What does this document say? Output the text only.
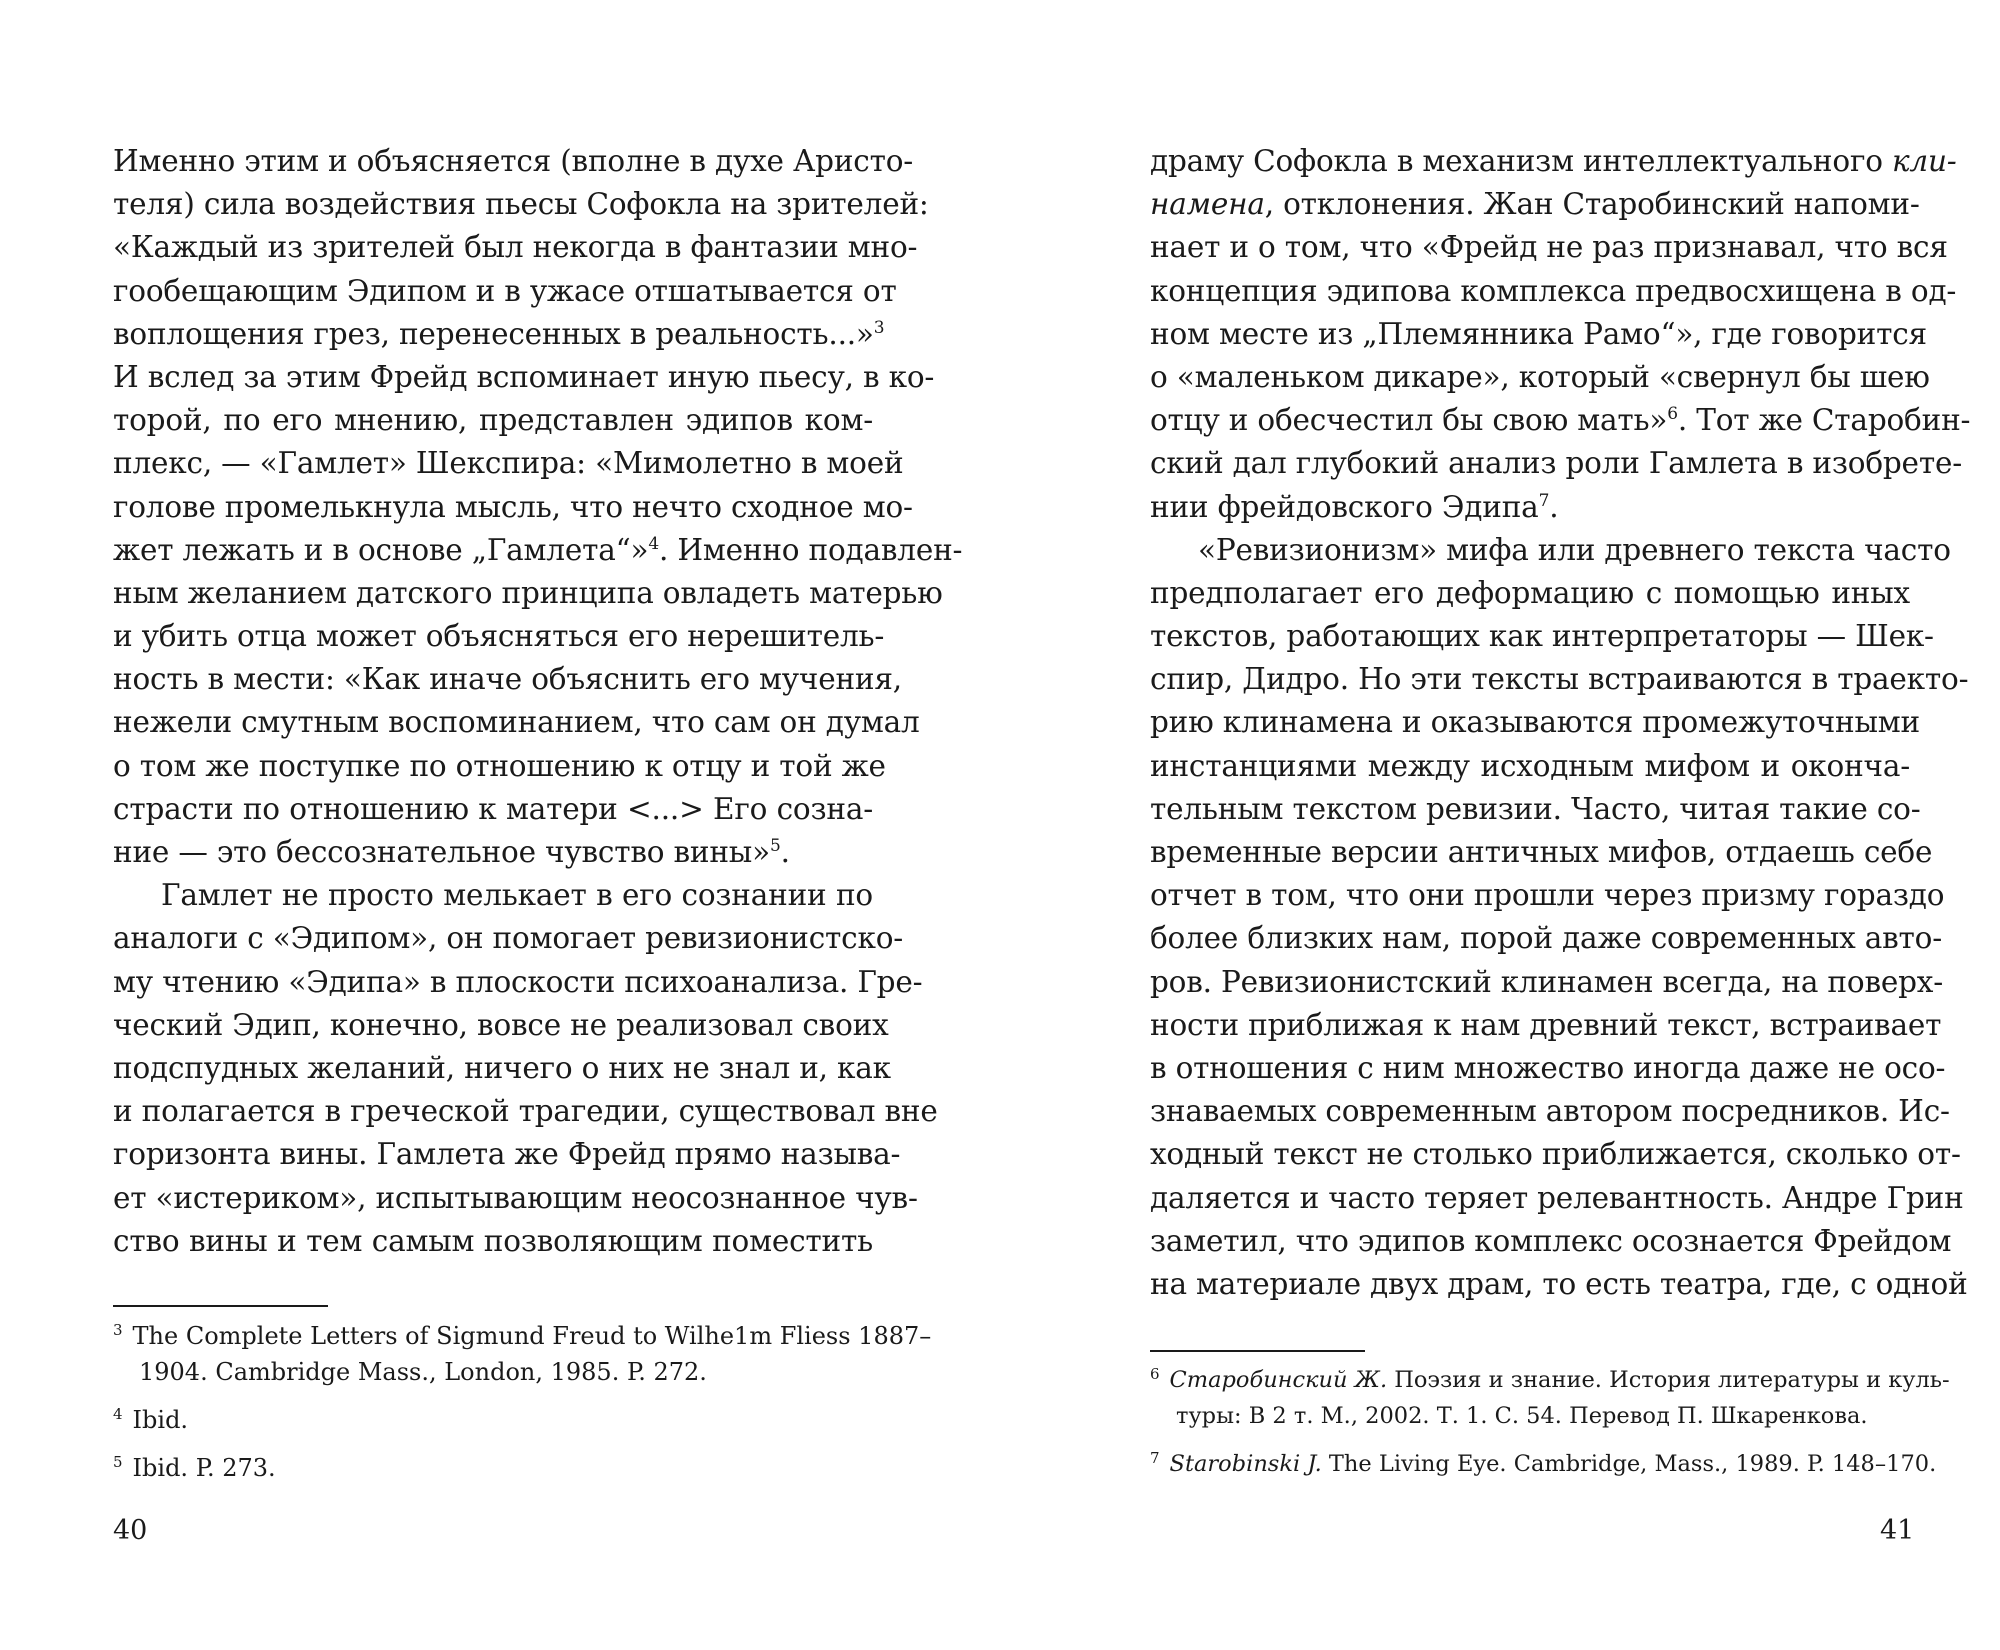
Именно этим и объясняется (вполне в духе Аристо-
теля) сила воздействия пьесы Софокла на зрителей:
«Каждый из зрителей был некогда в фантазии мно-
гообещающим Эдипом и в ужасе отшатывается от
воплощения грез, перенесенных в реальность...»$^3$
И вслед за этим Фрейд вспоминает иную пьесу, в ко-
торой, по его мнению, представлен эдипов ком-
плекс, — «Гамлет» Шекспира: «Мимолетно в моей
голове промелькнула мысль, что нечто сходное мо-
жет лежать и в основе „Гамлета“»$^4$. Именно подавлен-
ным желанием датского принципа овладеть матерью
и убить отца может объясняться его нерешитель-
ность в мести: «Как иначе объяснить его мучения,
нежели смутным воспоминанием, что сам он думал
о том же поступке по отношению к отцу и той же
страсти по отношению к матери <...> Его созна-
ние — это бессознательное чувство вины»$^5$.
Гамлет не просто мелькает в его сознании по
аналоги с «Эдипом», он помогает ревизионистско-
му чтению «Эдипа» в плоскости психоанализа. Гре-
ческий Эдип, конечно, вовсе не реализовал своих
подспудных желаний, ничего о них не знал и, как
и полагается в греческой трагедии, существовал вне
горизонта вины. Гамлета же Фрейд прямо называ-
ет «истериком», испытывающим неосознанное чув-
ство вины и тем самым позволяющим поместить
$^3$ The Complete Letters of Sigmund Freud to Wilhe1m Fliess 1887–
1904. Cambridge Mass., London, 1985. P. 272.
$^4$ Ibid.
$^5$ Ibid. P. 273.
40
драму Софокла в механизм интеллектуального кли-
намена, отклонения. Жан Старобинский напоми-
нает и о том, что «Фрейд не раз признавал, что вся
концепция эдипова комплекса предвосхищена в од-
ном месте из „Племянника Рамо“», где говорится
о «маленьком дикаре», который «свернул бы шею
отцу и обесчестил бы свою мать»$^6$. Тот же Старобин-
ский дал глубокий анализ роли Гамлета в изобрете-
нии фрейдовского Эдипа$^7$.
«Ревизионизм» мифа или древнего текста часто
предполагает его деформацию с помощью иных
текстов, работающих как интерпретаторы — Шек-
спир, Дидро. Но эти тексты встраиваются в траекто-
рию клинамена и оказываются промежуточными
инстанциями между исходным мифом и оконча-
тельным текстом ревизии. Часто, читая такие со-
временные версии античных мифов, отдаешь себе
отчет в том, что они прошли через призму гораздо
более близких нам, порой даже современных авто-
ров. Ревизионистский клинамен всегда, на поверх-
ности приближая к нам древний текст, встраивает
в отношения с ним множество иногда даже не осо-
знаваемых современным автором посредников. Ис-
ходный текст не столько приближается, сколько от-
даляется и часто теряет релевантность. Андре Грин
заметил, что эдипов комплекс осознается Фрейдом
на материале двух драм, то есть театра, где, с одной
$^6$ Старобинский Ж. Поэзия и знание. История литературы и куль-
туры: В 2 т. М., 2002. Т. 1. С. 54. Перевод П. Шкаренкова.
$^7$ Starobinski J. The Living Eye. Cambridge, Mass., 1989. P. 148–170.
41
